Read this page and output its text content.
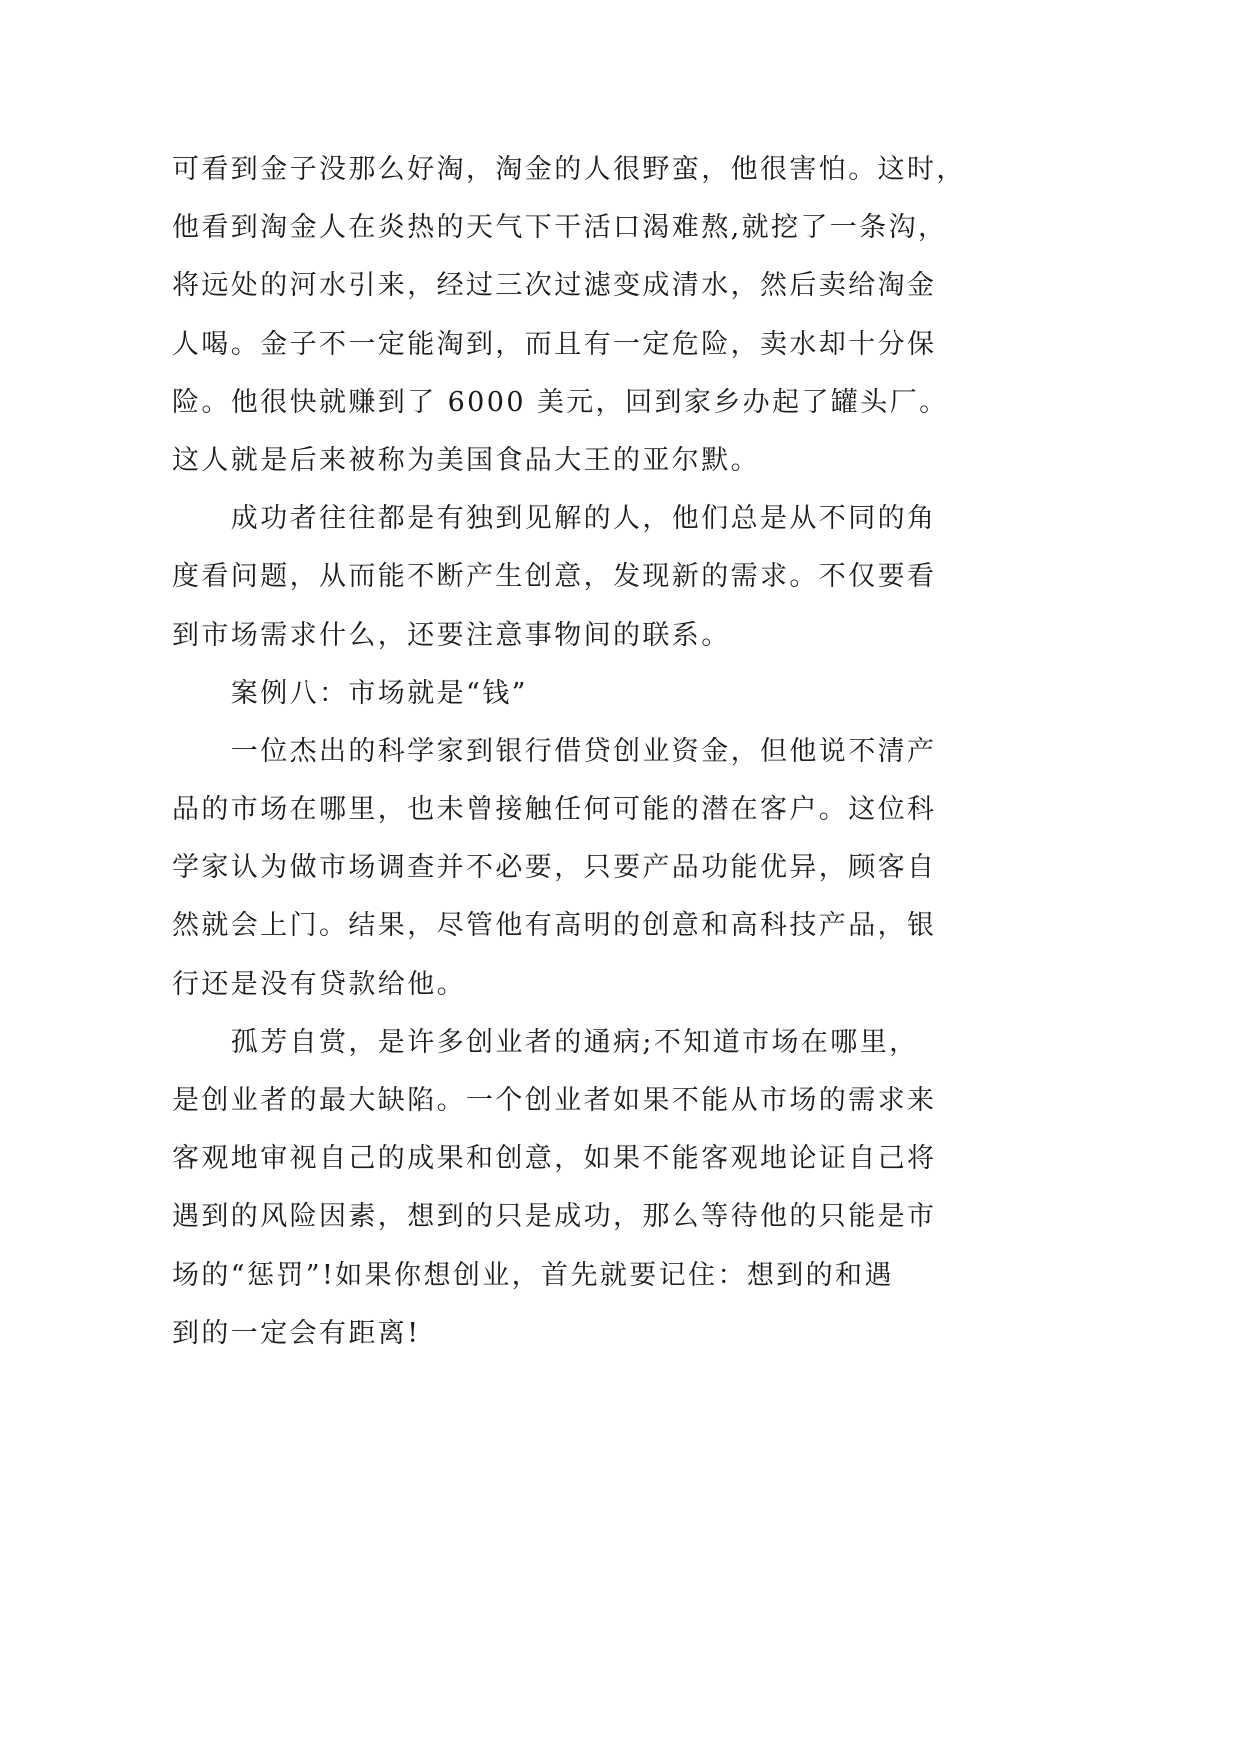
可看到金子没那么好淘，淘金的人很野蛮，他很害怕。这时，
他看到淘金人在炎热的天气下干活口渴难熬,就挖了一条沟，
将远处的河水引来，经过三次过滤变成清水，然后卖给淘金
人喝。金子不一定能淘到，而且有一定危险，卖水却十分保
险。他很快就赚到了 6000 美元，回到家乡办起了罐头厂。
这人就是后来被称为美国食品大王的亚尔默。
成功者往往都是有独到见解的人，他们总是从不同的角
度看问题，从而能不断产生创意，发现新的需求。不仅要看
到市场需求什么，还要注意事物间的联系。
案例八：市场就是“钱”
一位杰出的科学家到银行借贷创业资金，但他说不清产
品的市场在哪里，也未曾接触任何可能的潜在客户。这位科
学家认为做市场调查并不必要，只要产品功能优异，顾客自
然就会上门。结果，尽管他有高明的创意和高科技产品，银
行还是没有贷款给他。
孤芳自赏，是许多创业者的通病;不知道市场在哪里，
是创业者的最大缺陷。一个创业者如果不能从市场的需求来
客观地审视自己的成果和创意，如果不能客观地论证自己将
遇到的风险因素，想到的只是成功，那么等待他的只能是市
场的“惩罚”!如果你想创业，首先就要记住：想到的和遇
到的一定会有距离!
